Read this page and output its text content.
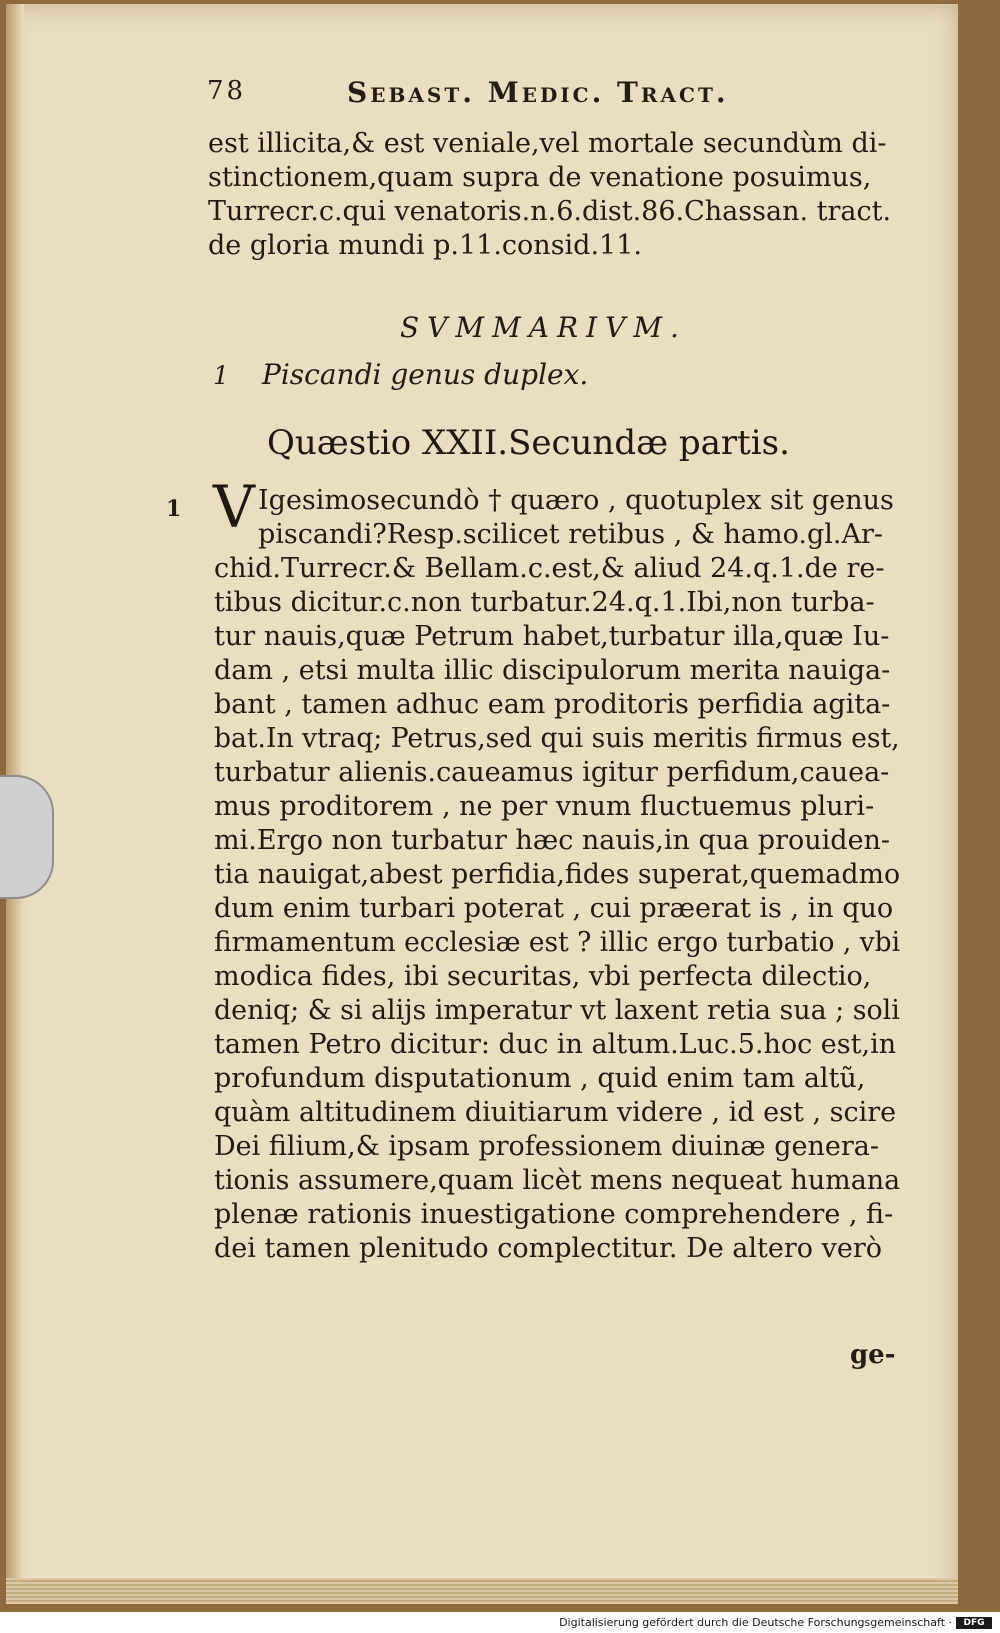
78	Sebast. Medic. Tract.
est illicita,& est veniale,vel mortale secundùm di-
stinctionem,quam supra de venatione posuimus,
Turrecr.c.qui venatoris.n.6.dist.86.Chassan. tract.
de gloria mundi p.11.consid.11.
SVMMARIVM.
1 Piscandi genus duplex.
Quæstio XXII.Secundæ partis.
1 V Igesimosecundò † quæro , quotuplex sit genus
piscandi?Resp.scilicet retibus , & hamo.gl.Ar-
chid.Turrecr.& Bellam.c.est,& aliud 24.q.1.de re-
tibus dicitur.c.non turbatur.24.q.1.Ibi,non turba-
tur nauis,quæ Petrum habet,turbatur illa,quæ Iu-
dam , etsi multa illic discipulorum merita nauiga-
bant , tamen adhuc eam proditoris perfidia agita-
bat.In vtraq; Petrus,sed qui suis meritis firmus est,
turbatur alienis.caueamus igitur perfidum,cauea-
mus proditorem , ne per vnum fluctuemus pluri-
mi.Ergo non turbatur hæc nauis,in qua prouiden-
tia nauigat,abest perfidia,fides superat,quemadmo
dum enim turbari poterat , cui præerat is , in quo
firmamentum ecclesiæ est ? illic ergo turbatio , vbi
modica fides, ibi securitas, vbi perfecta dilectio,
deniq; & si alijs imperatur vt laxent retia sua ; soli
tamen Petro dicitur: duc in altum.Luc.5.hoc est,in
profundum disputationum , quid enim tam altũ,
quàm altitudinem diuitiarum videre , id est , scire
Dei filium,& ipsam professionem diuinæ genera-
tionis assumere,quam licèt mens nequeat humana
plenæ rationis inuestigatione comprehendere , fi-
dei tamen plenitudo complectitur. De altero verò
ge-
Digitalisierung gefördert durch die Deutsche Forschungsgemeinschaft ·	DFG
